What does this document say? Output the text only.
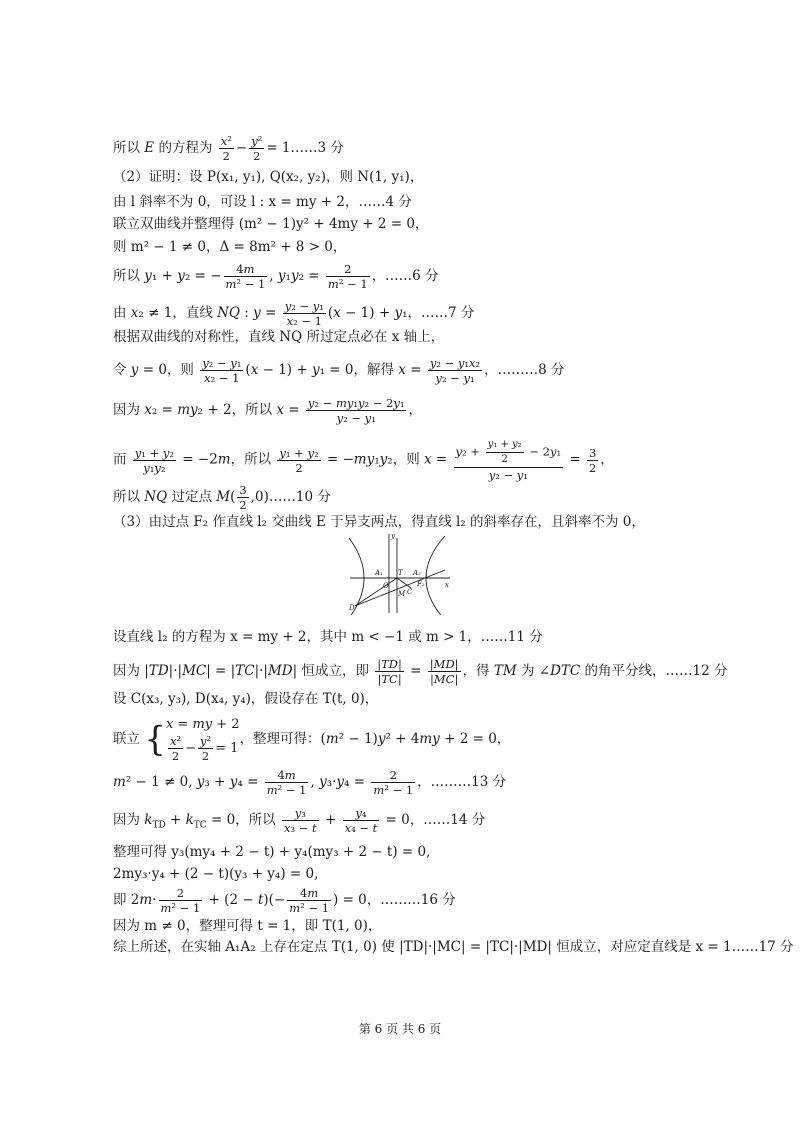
所以 E 的方程为 $\frac{\text{x²}}{2} - \frac{\text{y²}}{2}$ = 1……3 分
（2）证明：设 P(x₁, y₁), Q(x₂, y₂)，则 N(1, y₁)，
由 l 斜率不为 0，可设 l : x = my + 2，……4 分
联立双曲线并整理得 (m² − 1)y² + 4my + 2 = 0，
则 m² − 1 ≠ 0，Δ = 8m² + 8 > 0，
所以 y₁ + y₂ = − $\frac{4m}{\text{m² − 1}}$ , $y_1y_2 = \frac{2}{\text{m² − 1}}$ ，……6 分
由 x₂ ≠ 1，直线 NQ : $y = \frac{\text{y₂ − y₁}}{\text{x₂ − 1}} (x - 1) + y_1$，……7 分
根据双曲线的对称性，直线 NQ 所过定点必在 x 轴上，
令 y = 0，则 $\frac{\text{y₂ − y₁}}{\text{x₂ − 1}} (x - 1) + y_1 = 0$，解得 $x = \frac{\text{y₂ − y₁x₂}}{\text{y₂ − y₁}}$ ，………8 分
因为 x₂ = my₂ + 2，所以 $x = \frac{\text{y₂ − my₁y₂ − 2y₁}}{\text{y₂ − y₁}}$ ，
而 $\frac{\text{y₁ + y₂}}{\text{y₁y₂}} = -2m$，所以 $\frac{\text{y₁ + y₂}}{2} = -my_1y_2$，则 $x = \frac{y_2 + \frac{\text{y₁ + y₂}}{2} - 2y_1}{\text{y₂ − y₁}} = \frac{3}{2}$ ，
所以 NQ 过定点 $M( \frac{3}{2}$ ,0)……10 分
（3）由过点 F₂ 作直线 l₂ 交曲线 E 于异支两点，得直线 l₂ 的斜率存在，且斜率不为 0，
y
x
O
A₁	A₂
T
M C
F₂
D
设直线 l₂ 的方程为 x = my + 2，其中 m < −1 或 m > 1，……11 分
因为 |TD|·|MC| = |TC|·|MD| 恒成立，即 $\frac{|TD|}{|TC|} = \frac{|MD|}{|MC|}$ ，得 TM 为 ∠DTC 的角平分线，……12 分
设 C(x₃, y₃), D(x₄, y₄)，假设存在 T(t, 0)，
联立 {x = my + 2

$\frac{\text{x²}}{2} - \frac{\text{y²}}{2} = 1$，整理可得：(m² − 1)y² + 4my + 2 = 0，
m² − 1 ≠ 0, $y_3 + y_4 = \frac{4m}{\text{m² − 1}}$ , $y_3\cdot y_4 = \frac{2}{\text{m² − 1}}$ ，………13 分
因为 $k_{TD} + k_{TC} = 0$，所以 $\frac{\text{y₃}}{\text{x₃ − t}} + \frac{\text{y₄}}{\text{x₄ − t}} = 0$，……14 分
整理可得 y₃(my₄ + 2 − t) + y₄(my₃ + 2 − t) = 0,
2my₃·y₄ + (2 − t)(y₃ + y₄) = 0,
即 $2m\cdot \frac{2}{\text{m² − 1}} + (2 - t)(- \frac{4m}{\text{m² − 1}}$ ) = 0，………16 分
因为 m ≠ 0，整理可得 t = 1，即 T(1, 0)，
综上所述，在实轴 A₁A₂ 上存在定点 T(1, 0) 使 |TD|·|MC| = |TC|·|MD| 恒成立，对应定直线是 x = 1……17 分
第 6 页 共 6 页
